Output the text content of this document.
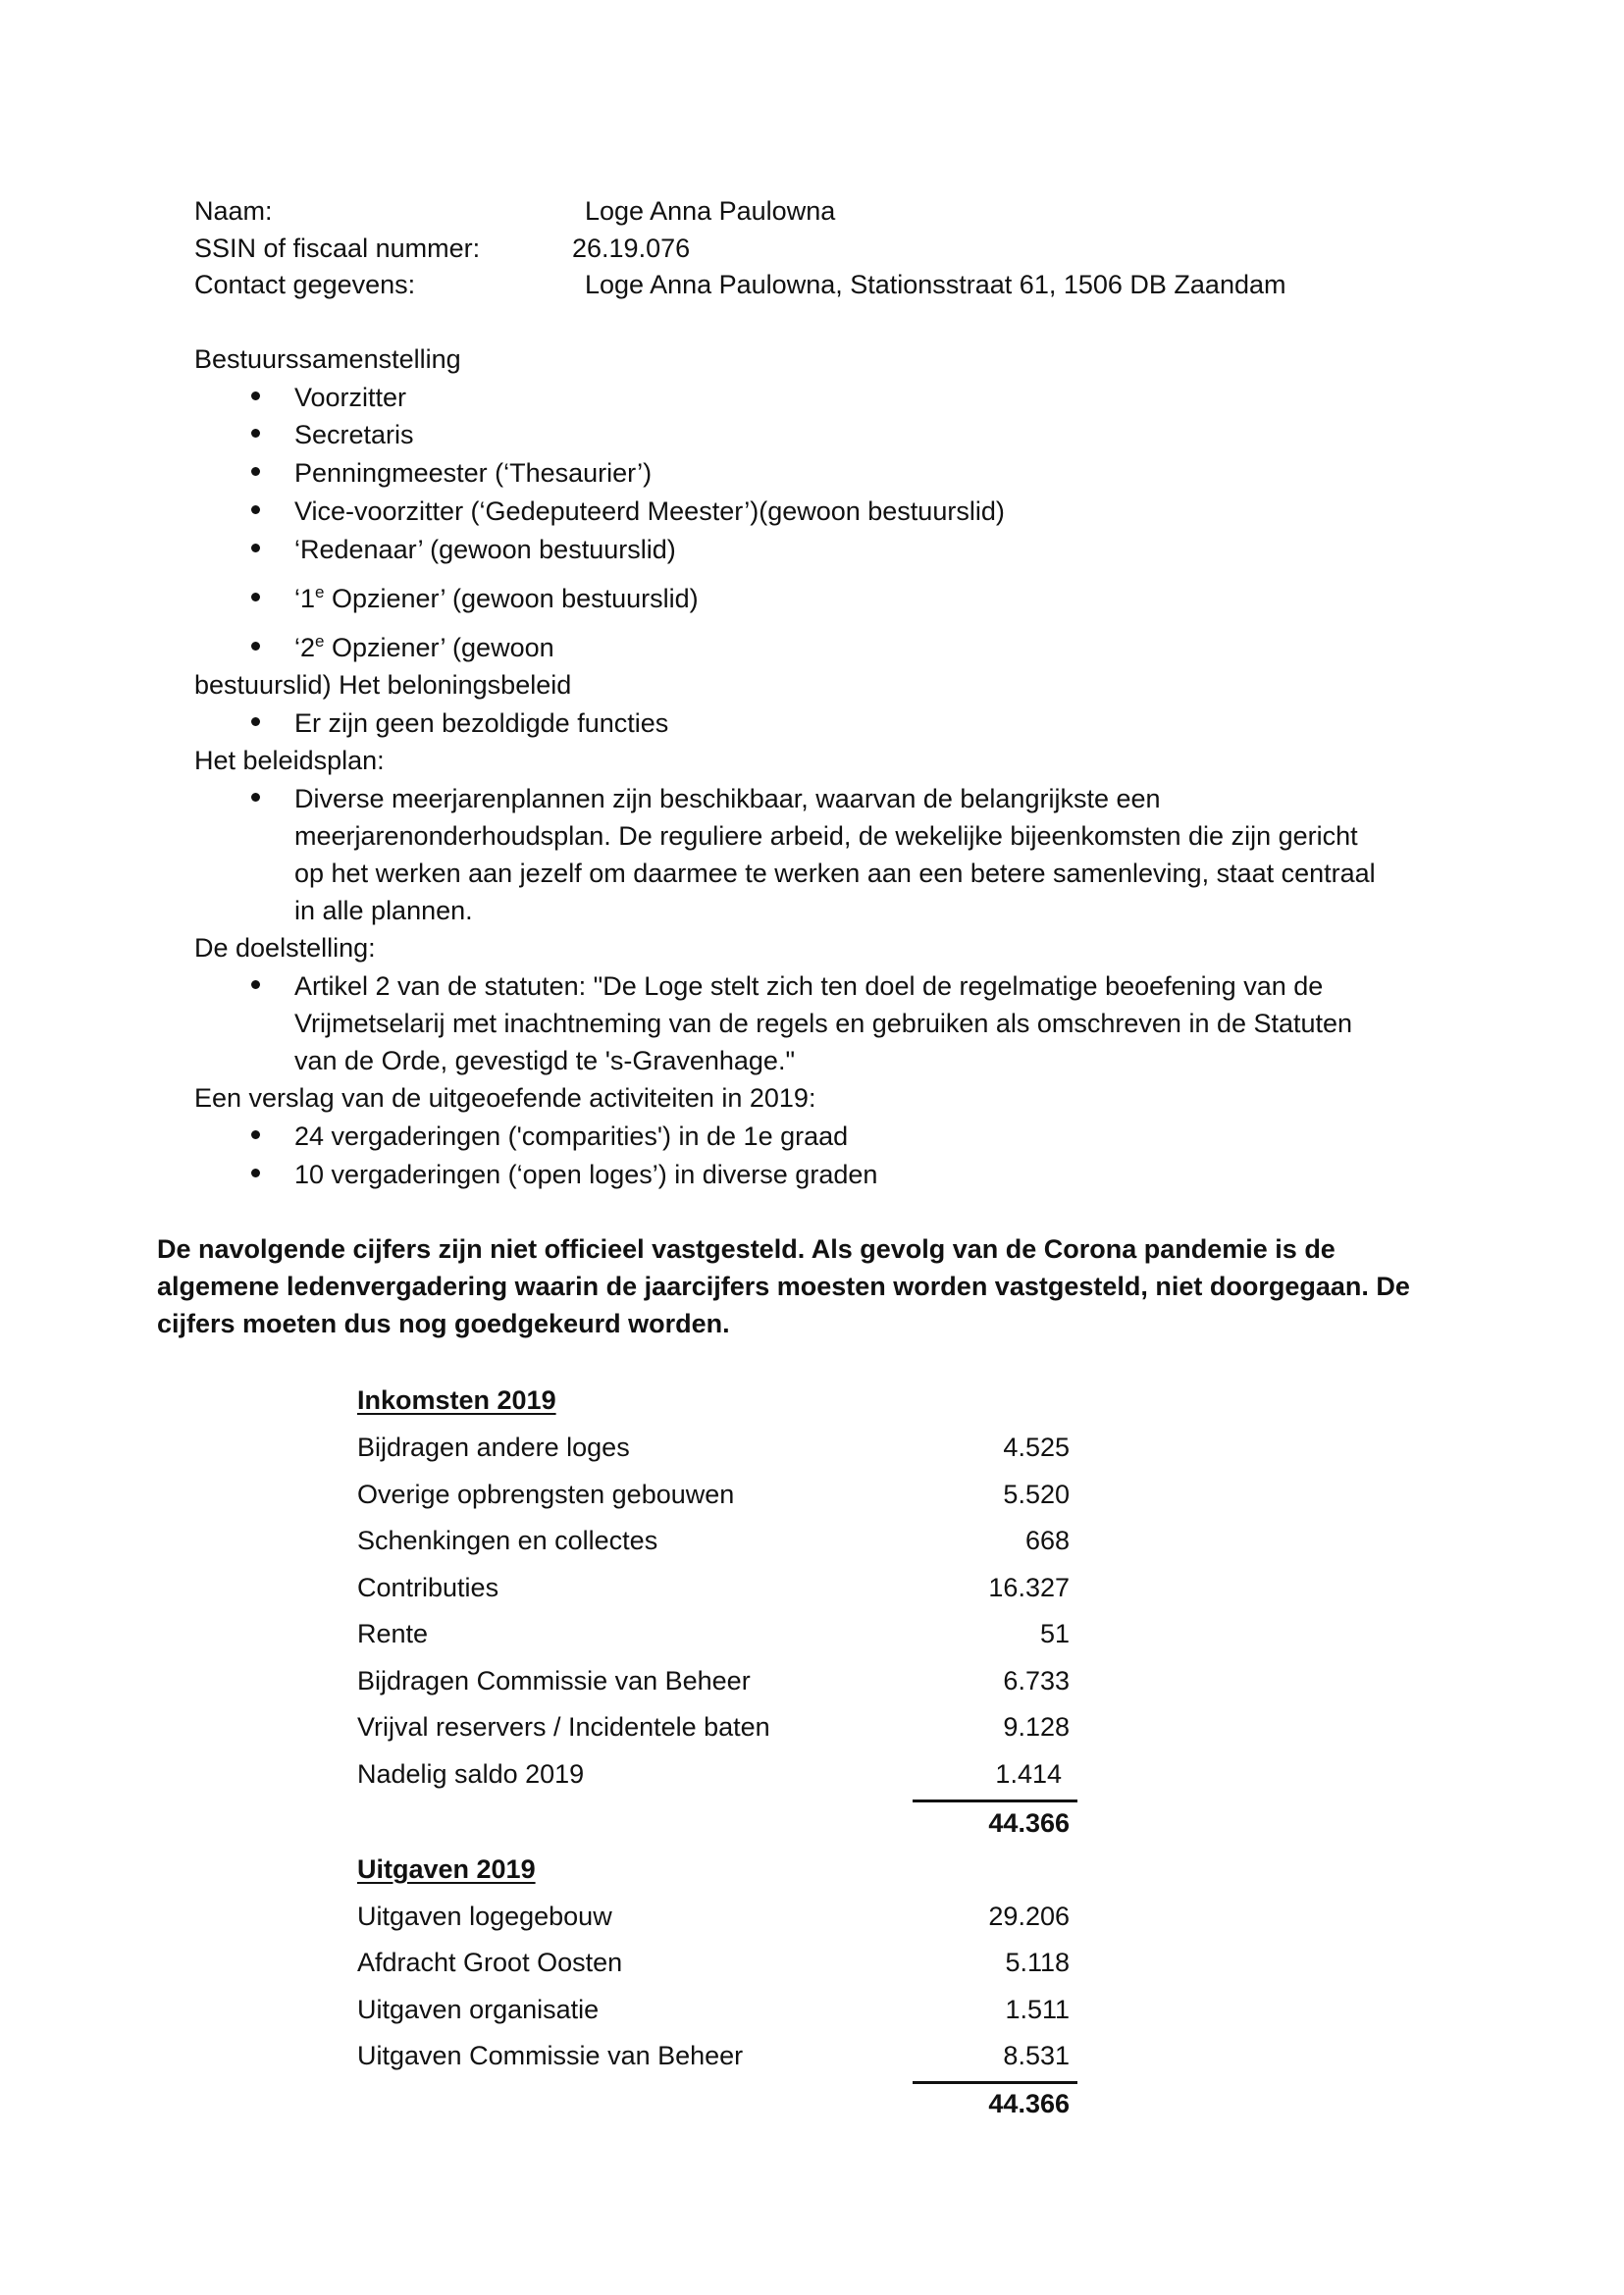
Naam:	Loge Anna Paulowna
SSIN of fiscaal nummer:	26.19.076
Contact gegevens:	Loge Anna Paulowna, Stationsstraat 61, 1506 DB Zaandam
Bestuurssamenstelling
Voorzitter
Secretaris
Penningmeester (‘Thesaurier’)
Vice-voorzitter (‘Gedeputeerd Meester’)(gewoon bestuurslid)
‘Redenaar’ (gewoon bestuurslid)
‘1e Opziener’ (gewoon bestuurslid)
‘2e Opziener’ (gewoon
bestuurslid) Het beloningsbeleid
Er zijn geen bezoldigde functies
Het beleidsplan:
Diverse meerjarenplannen zijn beschikbaar, waarvan de belangrijkste een
meerjarenonderhoudsplan. De reguliere arbeid, de wekelijke bijeenkomsten die zijn gericht
op het werken aan jezelf om daarmee te werken aan een betere samenleving, staat centraal
in alle plannen.
De doelstelling:
Artikel 2 van de statuten: "De Loge stelt zich ten doel de regelmatige beoefening van de
Vrijmetselarij met inachtneming van de regels en gebruiken als omschreven in de Statuten
van de Orde, gevestigd te 's-Gravenhage."
Een verslag van de uitgeoefende activiteiten in 2019:
24 vergaderingen ('comparities') in de 1e graad
10 vergaderingen (‘open loges’) in diverse graden
De navolgende cijfers zijn niet officieel vastgesteld. Als gevolg van de Corona pandemie is de
algemene ledenvergadering waarin de jaarcijfers moesten worden vastgesteld, niet doorgegaan. De
cijfers moeten dus nog goedgekeurd worden.
Inkomsten 2019
Bijdragen andere loges	4.525
Overige opbrengsten gebouwen	5.520
Schenkingen en collectes	668
Contributies	16.327
Rente	51
Bijdragen Commissie van Beheer	6.733
Vrijval reservers / Incidentele baten	9.128
Nadelig saldo 2019	1.414
44.366
Uitgaven 2019
Uitgaven logegebouw	29.206
Afdracht Groot Oosten	5.118
Uitgaven organisatie	1.511
Uitgaven Commissie van Beheer	8.531
44.366
